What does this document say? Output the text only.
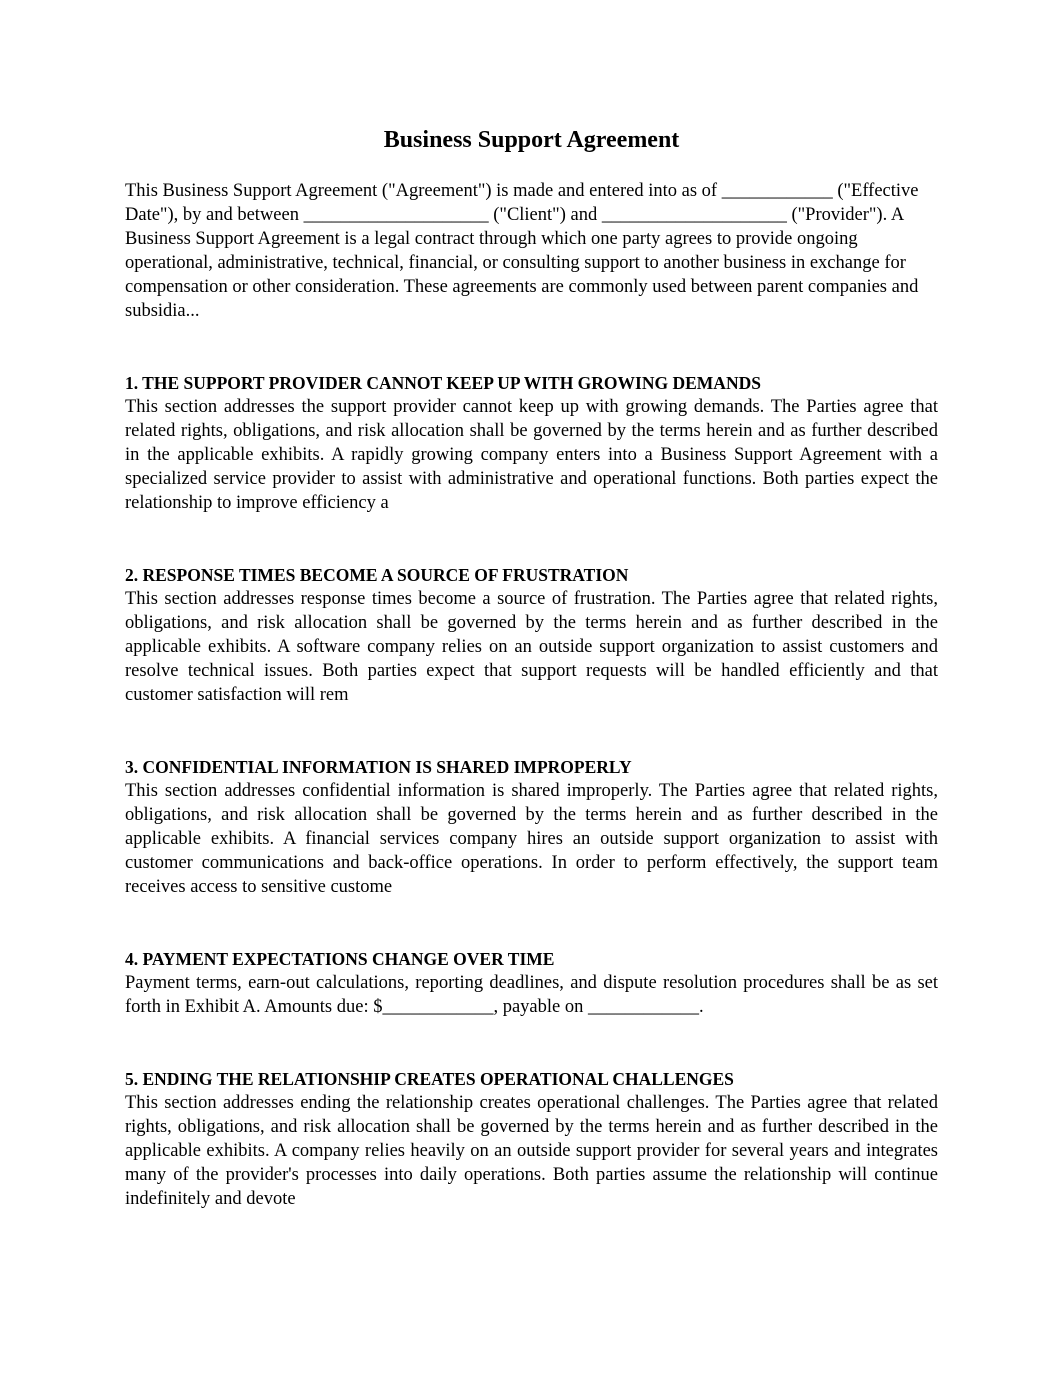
Business Support Agreement

This Business Support Agreement ("Agreement") is made and entered into as of ____________ ("Effective Date"), by and between ____________________ ("Client") and ____________________ ("Provider"). A Business Support Agreement is a legal contract through which one party agrees to provide ongoing operational, administrative, technical, financial, or consulting support to another business in exchange for compensation or other consideration. These agreements are commonly used between parent companies and subsidia...

1. THE SUPPORT PROVIDER CANNOT KEEP UP WITH GROWING DEMANDS

This section addresses the support provider cannot keep up with growing demands. The Parties agree that related rights, obligations, and risk allocation shall be governed by the terms herein and as further described in the applicable exhibits. A rapidly growing company enters into a Business Support Agreement with a specialized service provider to assist with administrative and operational functions. Both parties expect the relationship to improve efficiency a

2. RESPONSE TIMES BECOME A SOURCE OF FRUSTRATION

This section addresses response times become a source of frustration. The Parties agree that related rights, obligations, and risk allocation shall be governed by the terms herein and as further described in the applicable exhibits. A software company relies on an outside support organization to assist customers and resolve technical issues. Both parties expect that support requests will be handled efficiently and that customer satisfaction will rem

3. CONFIDENTIAL INFORMATION IS SHARED IMPROPERLY

This section addresses confidential information is shared improperly. The Parties agree that related rights, obligations, and risk allocation shall be governed by the terms herein and as further described in the applicable exhibits. A financial services company hires an outside support organization to assist with customer communications and back-office operations. In order to perform effectively, the support team receives access to sensitive custome

4. PAYMENT EXPECTATIONS CHANGE OVER TIME

Payment terms, earn-out calculations, reporting deadlines, and dispute resolution procedures shall be as set forth in Exhibit A. Amounts due: $____________, payable on ____________.

5. ENDING THE RELATIONSHIP CREATES OPERATIONAL CHALLENGES

This section addresses ending the relationship creates operational challenges. The Parties agree that related rights, obligations, and risk allocation shall be governed by the terms herein and as further described in the applicable exhibits. A company relies heavily on an outside support provider for several years and integrates many of the provider's processes into daily operations. Both parties assume the relationship will continue indefinitely and devote
